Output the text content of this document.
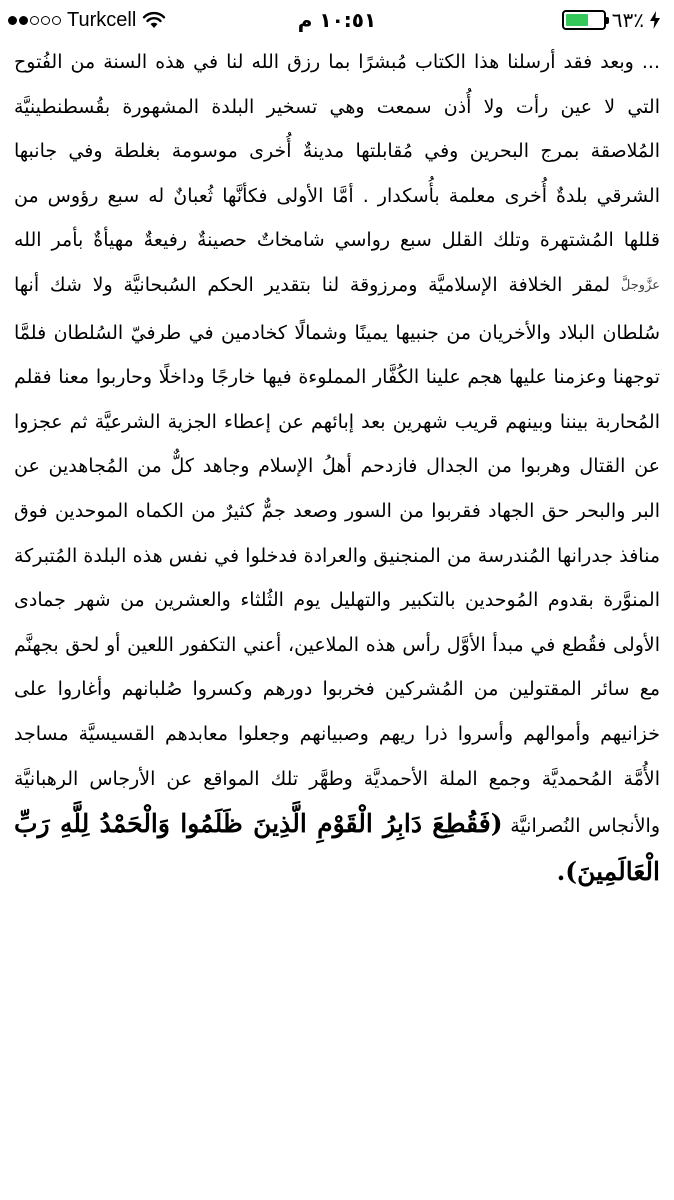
Turkcell	١٠:٥١ م	٦٣٪

... وبعد فقد أرسلنا هذا الكتاب مُبشرًا بما رزق الله لنا في هذه السنة من الفُتوح التي لا عين رأت ولا أُذن سمعت وهي تسخير البلدة المشهورة بقُسطنطينيَّة المُلاصقة بمرج البحرين وفي مُقابلتها مدينةٌ أُخرى موسومة بغلطة وفي جانبها الشرقي بلدةٌ أُخرى معلمة بأُسكدار . أمَّا الأولى فكأنَّها ثُعبانٌ له سبع رؤوس من قللها المُشتهرة وتلك القلل سبع رواسي شامخاتٌ حصينةٌ رفيعةٌ مهيأةٌ بأمر الله عزَّوجلَّ لمقر الخلافة الإسلاميَّة ومرزوقة لنا بتقدير الحكم السُبحانيَّة ولا شك أنها سُلطان البلاد والأخريان من جنبيها يمينًا وشمالًا كخادمين في طرفيّ السُلطان فلمَّا توجهنا وعزمنا عليها هجم علينا الكُفَّار المملوءة فيها خارجًا وداخلًا وحاربوا معنا فقلم المُحاربة بيننا وبينهم قريب شهرين بعد إبائهم عن إعطاء الجزية الشرعيَّة ثم عجزوا عن القتال وهربوا من الجدال فازدحم أهلُ الإسلام وجاهد كلٌّ من المُجاهدين عن البر والبحر حق الجهاد فقربوا من السور وصعد جمٌّ كثيرٌ من الكماه الموحدين فوق منافذ جدرانها المُندرسة من المنجنيق والعرادة فدخلوا في نفس هذه البلدة المُتبركة المنوَّرة بقدوم المُوحدين بالتكبير والتهليل يوم الثُلثاء والعشرين من شهر جمادى الأولى فقُطع في مبدأ الأوَّل رأس هذه الملاعين، أعني التكفور اللعين أو لحق بجهنَّم مع سائر المقتولين من المُشركين فخربوا دورهم وكسروا صُلبانهم وأغاروا على خزانيهم وأموالهم وأسروا ذرا ريهم وصبيانهم وجعلوا معابدهم القسيسيَّة مساجد الأُمَّة المُحمديَّة وجمع الملة الأحمديَّة وطهَّر تلك المواقع عن الأرجاس الرهبانيَّة والأنجاس النُصرانيَّة (فَقُطِعَ دَابِرُ الْقَوْمِ الَّذِينَ ظَلَمُوا وَالْحَمْدُ لِلَّهِ رَبِّ الْعَالَمِينَ).
